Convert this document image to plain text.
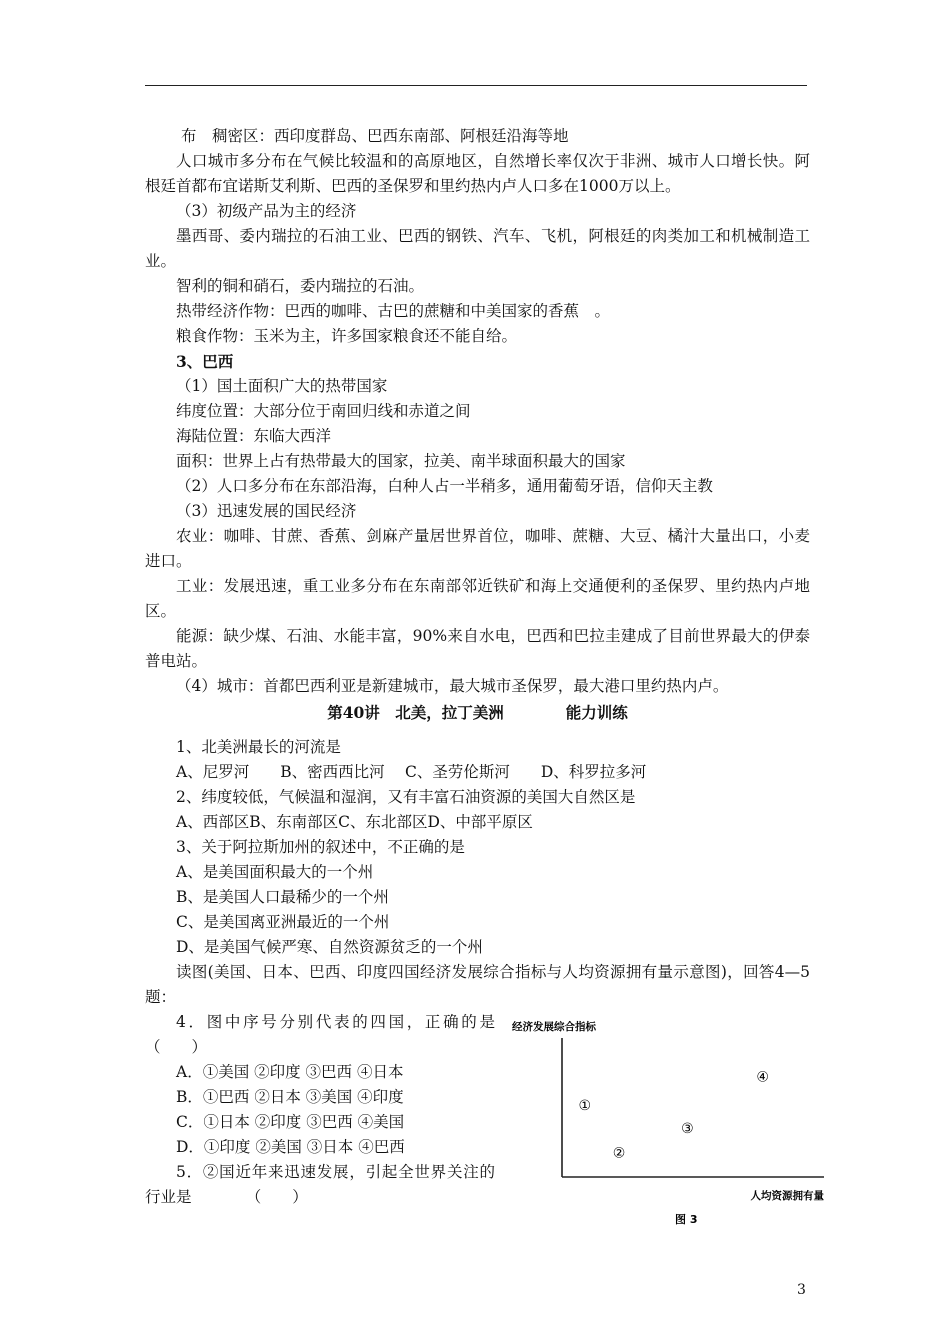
布　稠密区：西印度群岛、巴西东南部、阿根廷沿海等地

人口城市多分布在气候比较温和的高原地区，自然增长率仅次于非洲、城市人口增长快。阿根廷首都布宜诺斯艾利斯、巴西的圣保罗和里约热内卢人口多在1000万以上。

（3）初级产品为主的经济

墨西哥、委内瑞拉的石油工业、巴西的钢铁、汽车、飞机，阿根廷的肉类加工和机械制造工业。

智利的铜和硝石，委内瑞拉的石油。

热带经济作物：巴西的咖啡、古巴的蔗糖和中美国家的香蕉　。

粮食作物：玉米为主，许多国家粮食还不能自给。

3、巴西

（1）国土面积广大的热带国家

纬度位置：大部分位于南回归线和赤道之间

海陆位置：东临大西洋

面积：世界上占有热带最大的国家，拉美、南半球面积最大的国家

（2）人口多分布在东部沿海，白种人占一半稍多，通用葡萄牙语，信仰天主教

（3）迅速发展的国民经济

农业：咖啡、甘蔗、香蕉、剑麻产量居世界首位，咖啡、蔗糖、大豆、橘汁大量出口，小麦进口。

工业：发展迅速，重工业多分布在东南部邻近铁矿和海上交通便利的圣保罗、里约热内卢地区。

能源：缺少煤、石油、水能丰富，90%来自水电，巴西和巴拉圭建成了目前世界最大的伊泰普电站。

（4）城市：首都巴西利亚是新建城市，最大城市圣保罗，最大港口里约热内卢。

第40讲　北美，拉丁美洲　　　　能力训练

1、北美洲最长的河流是

A、尼罗河　　B、密西西比河　 C、圣劳伦斯河　　D、科罗拉多河

2、纬度较低，气候温和湿润，又有丰富石油资源的美国大自然区是

A、西部区B、东南部区C、东北部区D、中部平原区

3、关于阿拉斯加州的叙述中，不正确的是

A、是美国面积最大的一个州

B、是美国人口最稀少的一个州

C、是美国离亚洲最近的一个州

D、是美国气候严寒、自然资源贫乏的一个州

读图(美国、日本、巴西、印度四国经济发展综合指标与人均资源拥有量示意图)，回答4—5题：

4．图中序号分别代表的四国，正确的是（　　）

A．①美国 ②印度 ③巴西 ④日本

B．①巴西 ②日本 ③美国 ④印度

C．①日本 ②印度 ③巴西 ④美国

D．①印度 ②美国 ③日本 ④巴西

5．②国近年来迅速发展，引起全世界关注的行业是　　　　（　　）

经济发展综合指标
人均资源拥有量
图 3
①
②
③
④
3
